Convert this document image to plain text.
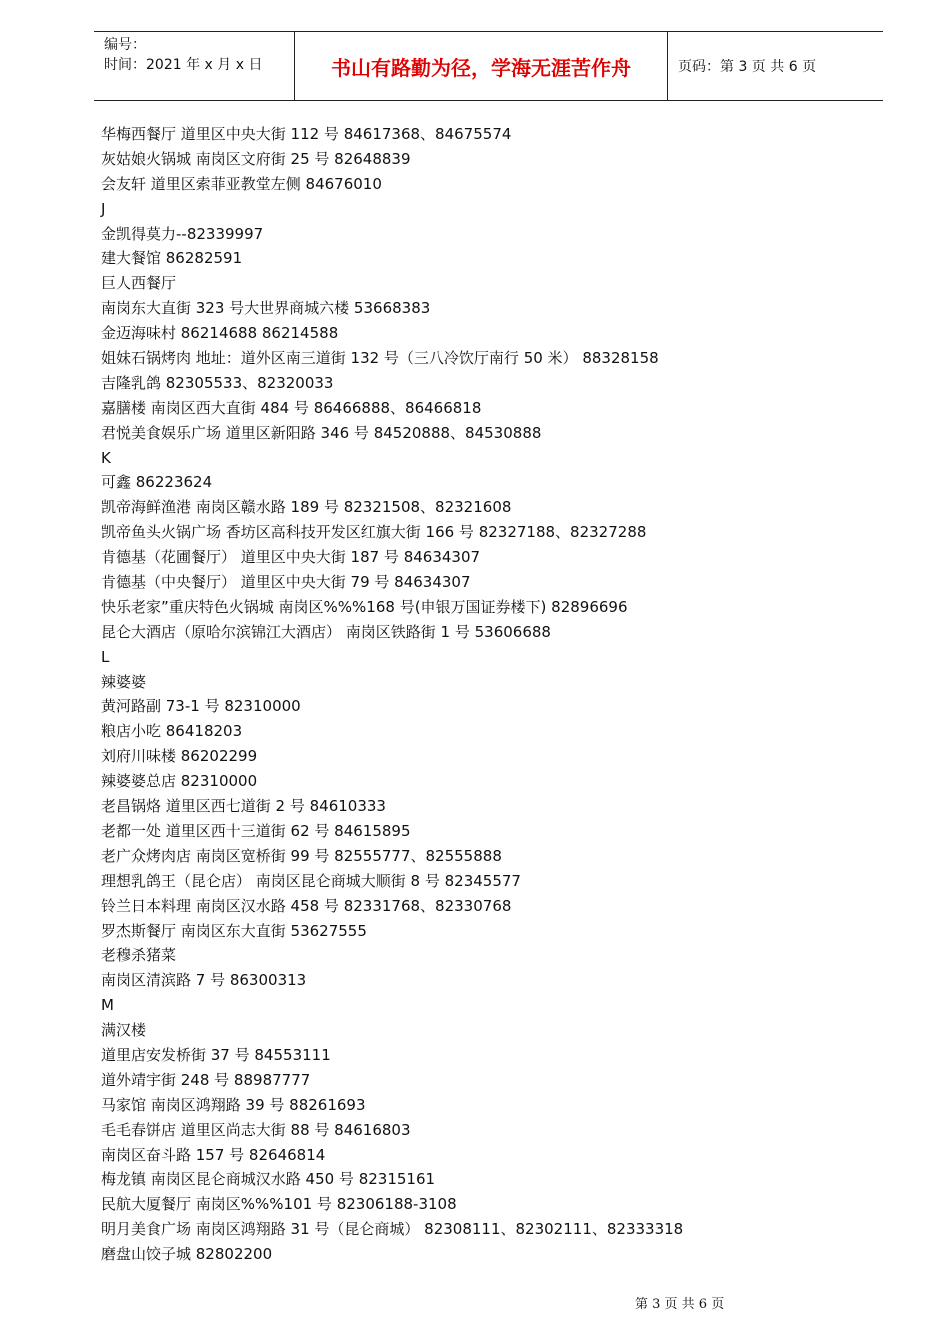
编号：
时间：2021 年 x 月 x 日	书山有路勤为径，学海无涯苦作舟	页码：第 3 页 共 6 页
华梅西餐厅 道里区中央大街 112 号 84617368、84675574
灰姑娘火锅城 南岗区文府街 25 号 82648839
会友轩 道里区索菲亚教堂左侧 84676010
J
金凯得莫力--82339997
建大餐馆 86282591
巨人西餐厅
南岗东大直街 323 号大世界商城六楼 53668383
金迈海味村 86214688 86214588
姐妹石锅烤肉 地址：道外区南三道街 132 号（三八冷饮厅南行 50 米） 88328158
吉隆乳鸽 82305533、82320033
嘉膳楼 南岗区西大直街 484 号 86466888、86466818
君悦美食娱乐广场 道里区新阳路 346 号 84520888、84530888
K
可鑫 86223624
凯帝海鲜渔港 南岗区赣水路 189 号 82321508、82321608
凯帝鱼头火锅广场 香坊区高科技开发区红旗大街 166 号 82327188、82327288
肯德基（花圃餐厅） 道里区中央大街 187 号 84634307
肯德基（中央餐厅） 道里区中央大街 79 号 84634307
快乐老家”重庆特色火锅城 南岗区%%%168 号(申银万国证券楼下) 82896696
昆仑大酒店（原哈尔滨锦江大酒店） 南岗区铁路街 1 号 53606688
L
辣婆婆
黄河路副 73-1 号 82310000
粮店小吃 86418203
刘府川味楼 86202299
辣婆婆总店 82310000
老昌锅烙 道里区西七道街 2 号 84610333
老都一处 道里区西十三道街 62 号 84615895
老广众烤肉店 南岗区宽桥街 99 号 82555777、82555888
理想乳鸽王（昆仑店） 南岗区昆仑商城大顺街 8 号 82345577
铃兰日本料理 南岗区汉水路 458 号 82331768、82330768
罗杰斯餐厅 南岗区东大直街 53627555
老穆杀猪菜
南岗区清滨路 7 号 86300313
M
满汉楼
道里店安发桥街 37 号 84553111
道外靖宇街 248 号 88987777
马家馆 南岗区鸿翔路 39 号 88261693
毛毛春饼店 道里区尚志大街 88 号 84616803
南岗区奋斗路 157 号 82646814
梅龙镇 南岗区昆仑商城汉水路 450 号 82315161
民航大厦餐厅 南岗区%%%101 号 82306188-3108
明月美食广场 南岗区鸿翔路 31 号（昆仑商城） 82308111、82302111、82333318
磨盘山饺子城 82802200
第 3 页 共 6 页
